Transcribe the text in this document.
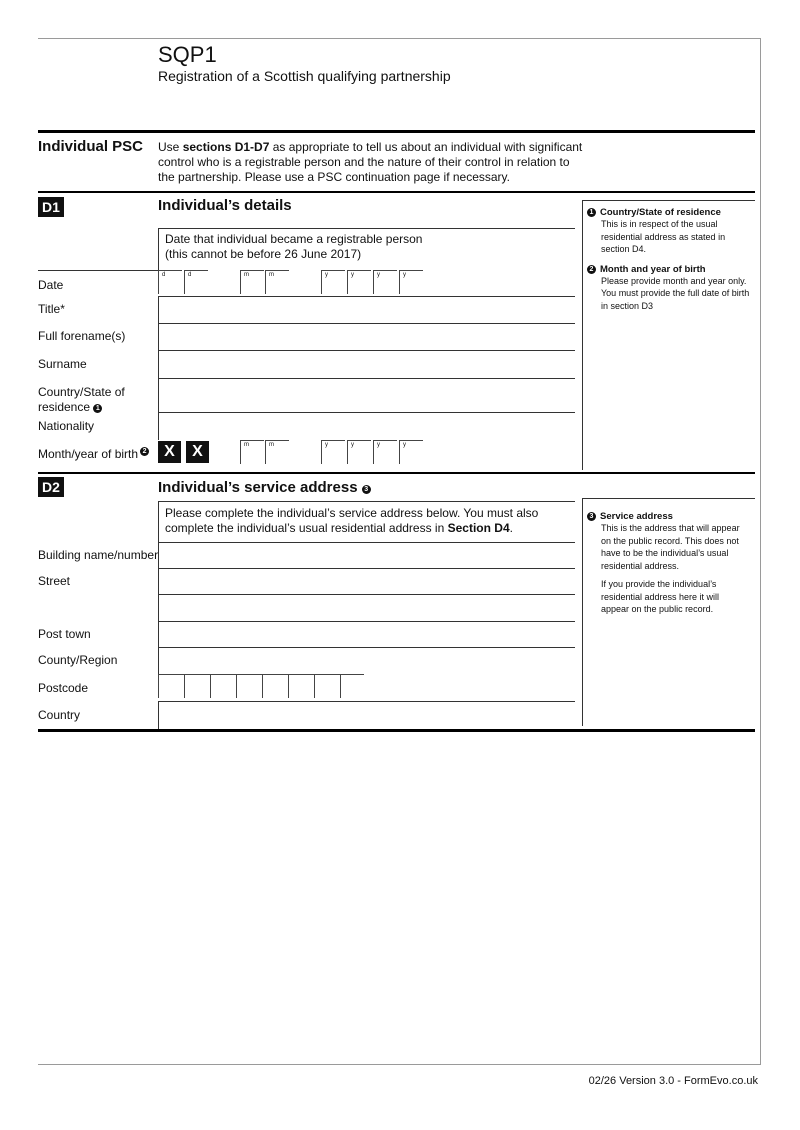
SQP1
Registration of a Scottish qualifying partnership
Individual PSC Use sections D1-D7 as appropriate to tell us about an individual with significant control who is a registrable person and the nature of their control in relation to the partnership. Please use a PSC continuation page if necessary.
D1	Individual’s details	1 Country/State of residence
This is in respect of the usual residential address as stated in section D4.
2 Month and year of birth
Please provide month and year only. You must provide the full date of birth in section D3
Date that individual became a registrable person
(this cannot be before 26 June 2017)
Date
d	d	m	m	y	y	y	y
Title*
Full forename(s)
Surname
Country/State of
residence 1
Nationality
Month/year of birth 2	X	X	m	m	y	y	y	y
D2	Individual’s service address 3
3 Service address
This is the address that will appear on the public record. This does not have to be the individual’s usual residential address.
If you provide the individual’s residential address here it will appear on the public record.
Please complete the individual’s service address below. You must also complete the individual’s usual residential address in Section D4.
Building name/number
Street
Post town
County/Region
Postcode
Country
02/26 Version 3.0 - FormEvo.co.uk
